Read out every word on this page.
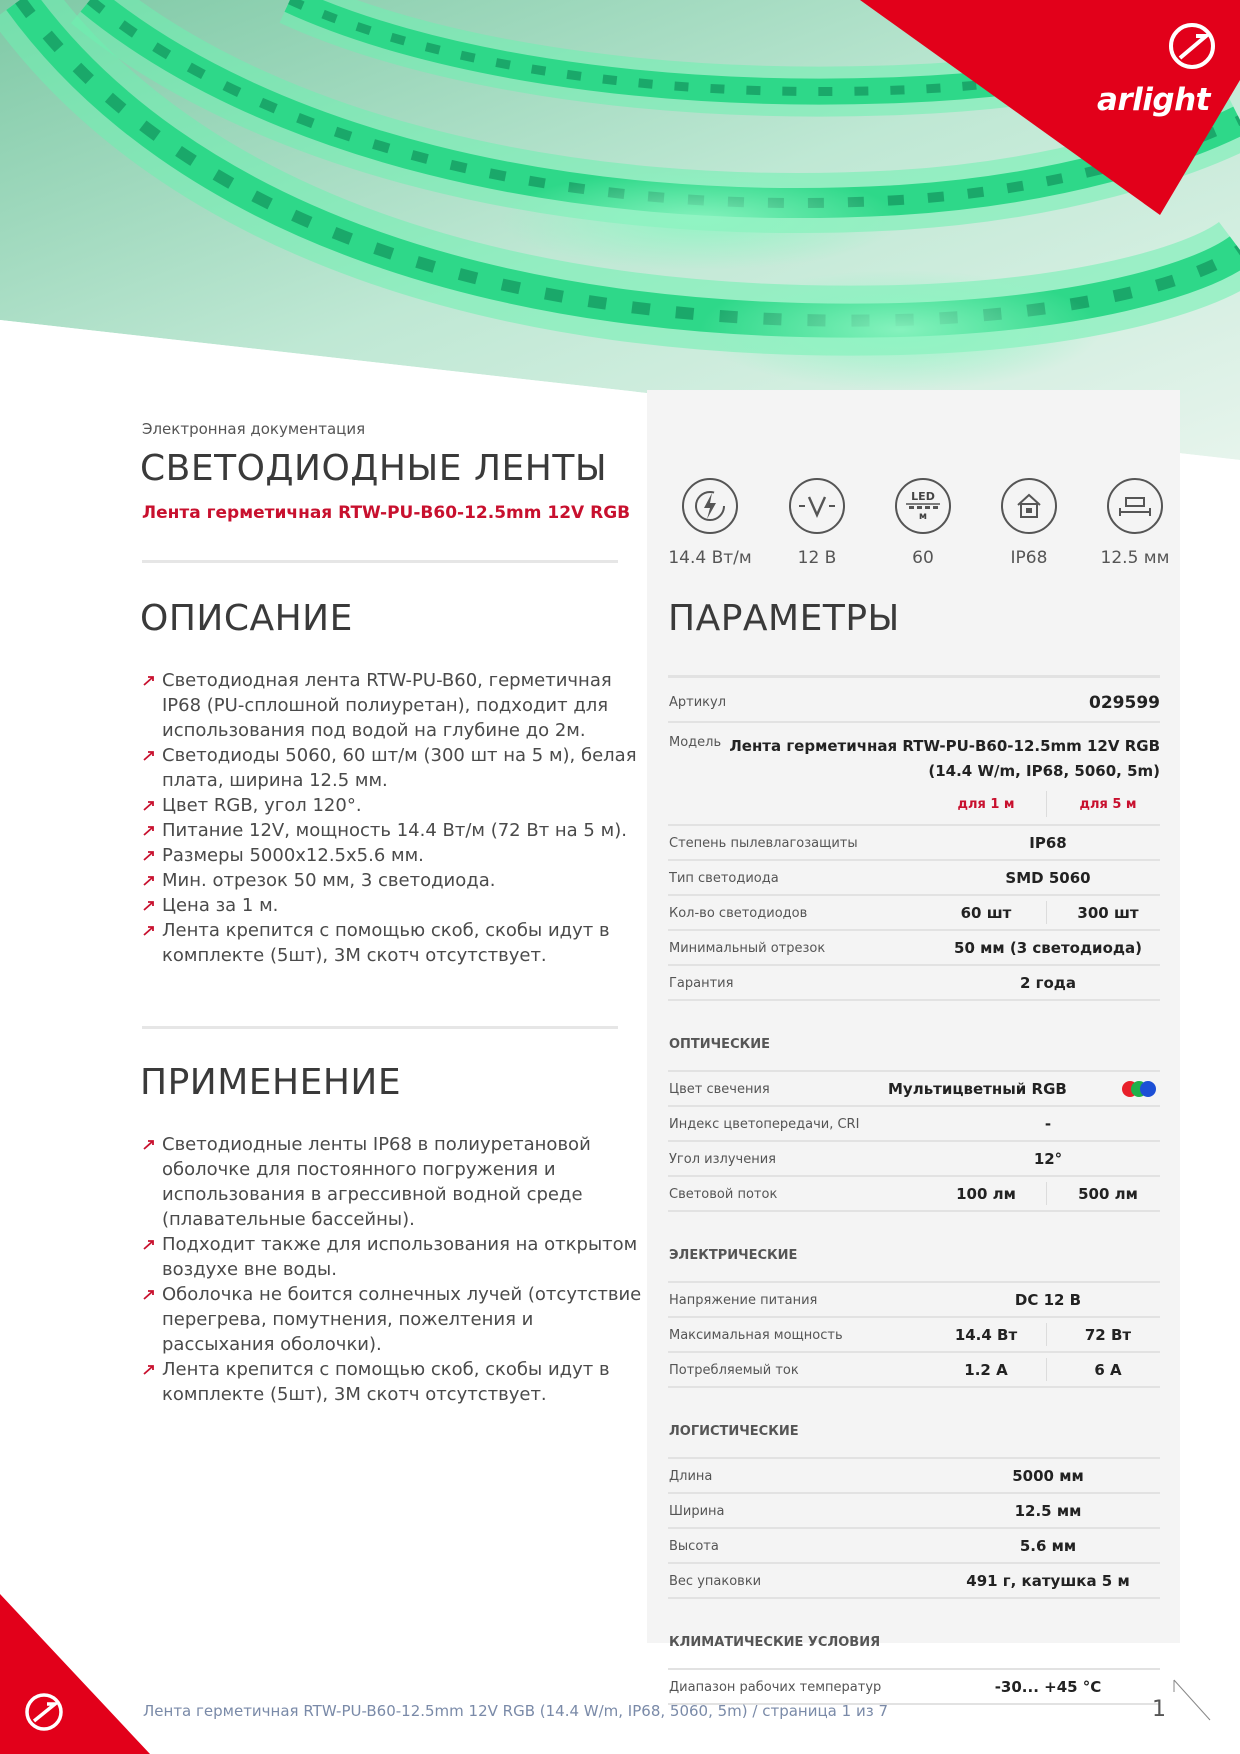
arlight
Электронная документация
СВЕТОДИОДНЫЕ ЛЕНТЫ
Лента герметичная RTW-PU-B60-12.5mm 12V RGB
14.4 Вт/м	12 В
LED
м
60	IP68	12.5 мм
ОПИСАНИЕ
Светодиодная лента RTW-PU-B60, герметичная IP68 (PU-сплошной полиуретан), подходит для использования под водой на глубине до 2м.
Светодиоды 5060, 60 шт/м (300 шт на 5 м), белая плата, ширина 12.5 мм.
Цвет RGB, угол 120°.
Питание 12V, мощность 14.4 Вт/м (72 Вт на 5 м).
Размеры 5000x12.5x5.6 мм.
Мин. отрезок 50 мм, 3 светодиода.
Цена за 1 м.
Лента крепится с помощью скоб, скобы идут в комплекте (5шт), 3М скотч отсутствует.
ПРИМЕНЕНИЕ
Светодиодные ленты IP68 в полиуретановой оболочке для постоянного погружения и использования в агрессивной водной среде (плавательные бассейны).
Подходит также для использования на открытом воздухе вне воды.
Оболочка не боится солнечных лучей (отсутствие перегрева, помутнения, пожелтения и рассыхания оболочки).
Лента крепится с помощью скоб, скобы идут в комплекте (5шт), 3М скотч отсутствует.
ПАРАМЕТРЫ
Артикул	029599
Модель Лента герметичная RTW-PU-B60-12.5mm 12V RGB
(14.4 W/m, IP68, 5060, 5m)
для 1 м	для 5 м
Степень пылевлагозащиты	IP68
Тип светодиода	SMD 5060
Кол-во светодиодов	60 шт	300 шт
Минимальный отрезок	50 мм (3 светодиода)
Гарантия	2 года
ОПТИЧЕСКИЕ
Цвет свечения	Мультицветный RGB
Индекс цветопередачи, CRI	-
Угол излучения	12°
Световой поток	100 лм	500 лм
ЭЛЕКТРИЧЕСКИЕ
Напряжение питания	DC 12 В
Максимальная мощность	14.4 Вт	72 Вт
Потребляемый ток	1.2 А	6 А
ЛОГИСТИЧЕСКИЕ
Длина	5000 мм
Ширина	12.5 мм
Высота	5.6 мм
Вес упаковки	491 г, катушка 5 м
КЛИМАТИЧЕСКИЕ УСЛОВИЯ
Диапазон рабочих температур	-30... +45 °C
Лента герметичная RTW-PU-B60-12.5mm 12V RGB (14.4 W/m, IP68, 5060, 5m) / страница 1 из 7	1
